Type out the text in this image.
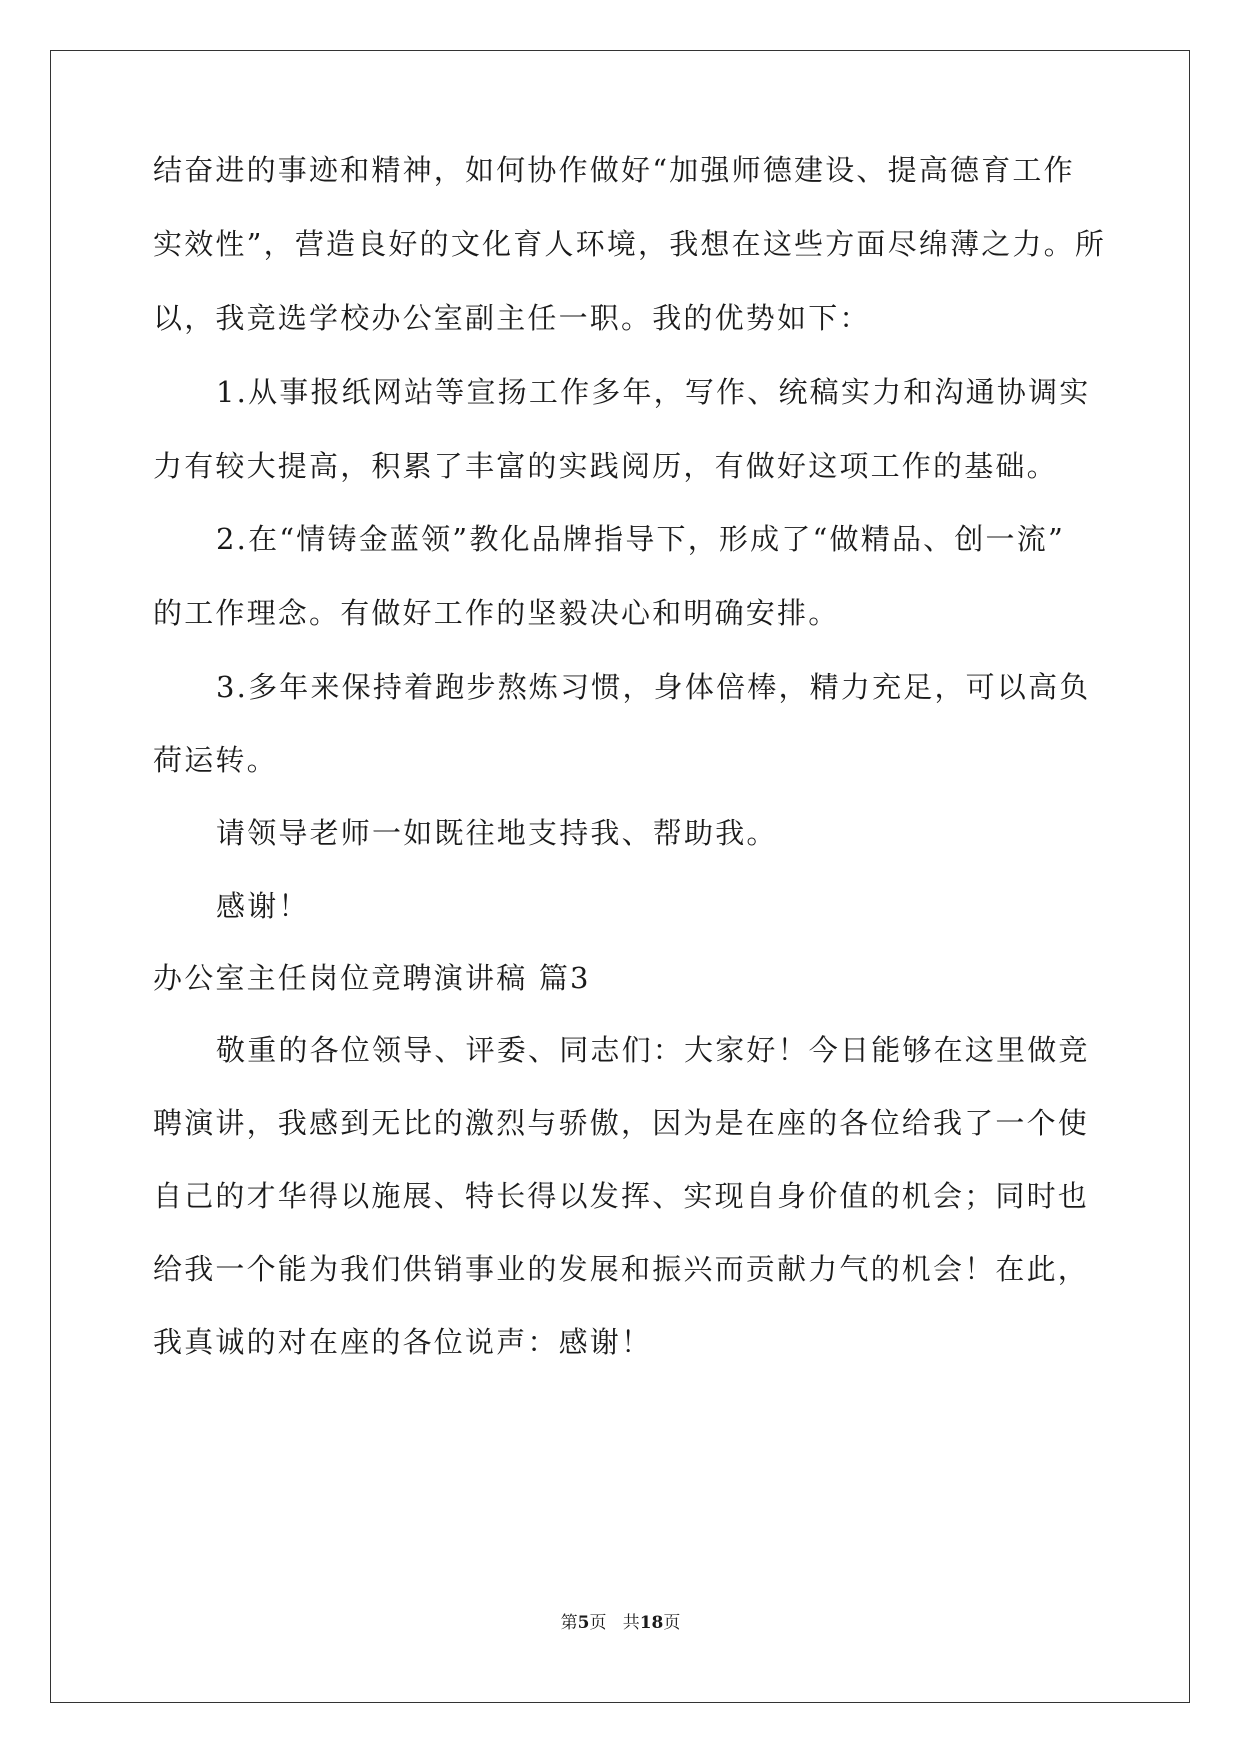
结奋进的事迹和精神，如何协作做好“加强师德建设、提高德育工作
实效性”，营造良好的文化育人环境，我想在这些方面尽绵薄之力。所
以，我竞选学校办公室副主任一职。我的优势如下：
1.从事报纸网站等宣扬工作多年，写作、统稿实力和沟通协调实
力有较大提高，积累了丰富的实践阅历，有做好这项工作的基础。
2.在“情铸金蓝领”教化品牌指导下，形成了“做精品、创一流”
的工作理念。有做好工作的坚毅决心和明确安排。
3.多年来保持着跑步熬炼习惯，身体倍棒，精力充足，可以高负
荷运转。
请领导老师一如既往地支持我、帮助我。
感谢！
办公室主任岗位竞聘演讲稿 篇3
敬重的各位领导、评委、同志们：大家好！今日能够在这里做竞
聘演讲，我感到无比的激烈与骄傲，因为是在座的各位给我了一个使
自己的才华得以施展、特长得以发挥、实现自身价值的机会；同时也
给我一个能为我们供销事业的发展和振兴而贡献力气的机会！在此，
我真诚的对在座的各位说声：感谢！
第5页 共18页
